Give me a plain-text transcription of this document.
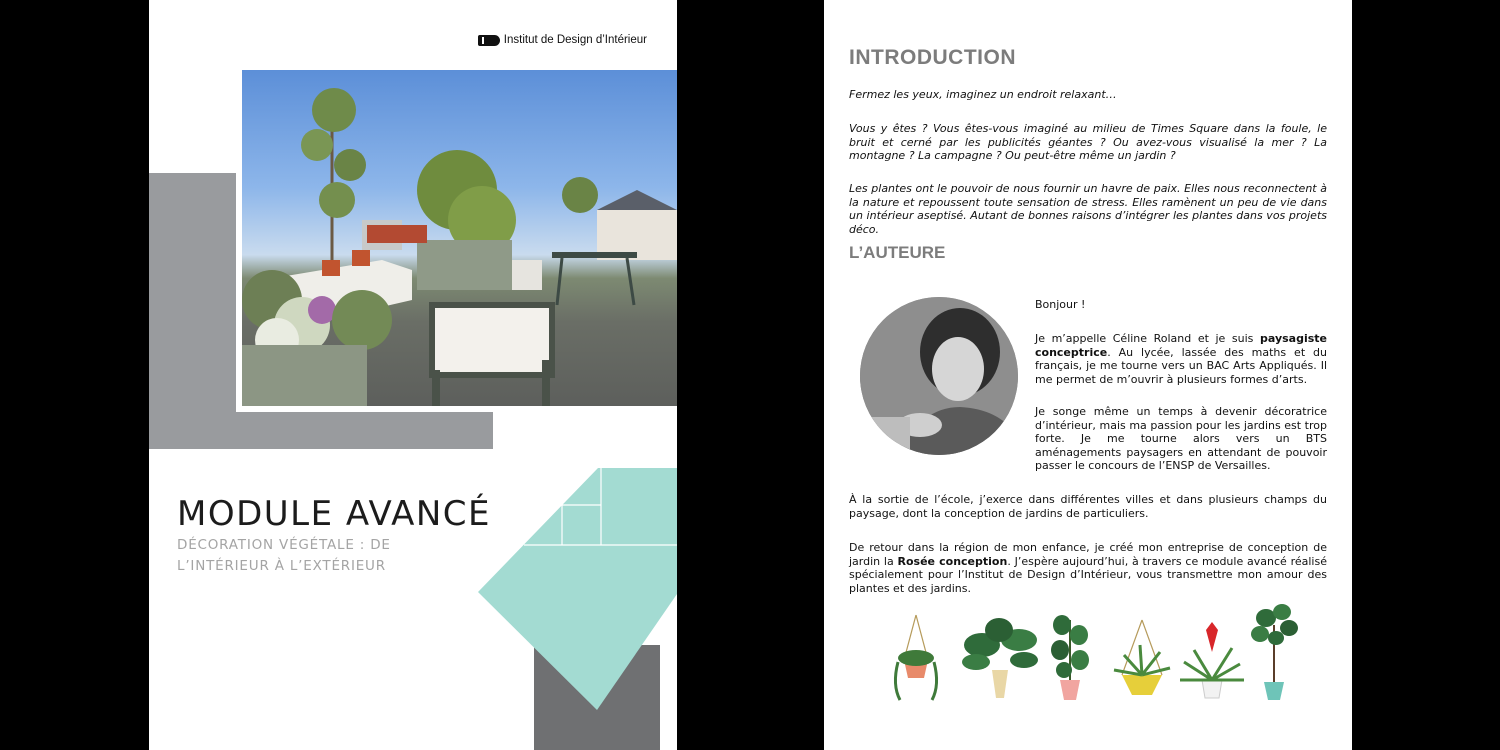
Institut de Design d’Intérieur
MODULE AVANCÉ
DÉCORATION VÉGÉTALE : DE L’INTÉRIEUR À L’EXTÉRIEUR
INTRODUCTION

Fermez les yeux, imaginez un endroit relaxant…

Vous y êtes ? Vous êtes-vous imaginé au milieu de Times Square dans la foule, le bruit et cerné par les publicités géantes ? Ou avez-vous visualisé la mer ? La montagne ? La campagne ? Ou peut-être même un jardin ?

Les plantes ont le pouvoir de nous fournir un havre de paix. Elles nous reconnectent à la nature et repoussent toute sensation de stress. Elles ramènent un peu de vie dans un intérieur aseptisé. Autant de bonnes raisons d’intégrer les plantes dans vos projets déco.

L’AUTEURE

Bonjour !

Je m’appelle Céline Roland et je suis paysagiste conceptrice. Au lycée, lassée des maths et du français, je me tourne vers un BAC Arts Appliqués. Il me permet de m’ouvrir à plusieurs formes d’arts.

Je songe même un temps à devenir décoratrice d’intérieur, mais ma passion pour les jardins est trop forte. Je me tourne alors vers un BTS aménagements paysagers en attendant de pouvoir passer le concours de l’ENSP de Versailles.

À la sortie de l’école, j’exerce dans différentes villes et dans plusieurs champs du paysage, dont la conception de jardins de particuliers.

De retour dans la région de mon enfance, je créé mon entreprise de conception de jardin la Rosée conception. J’espère aujourd’hui, à travers ce module avancé réalisé spécialement pour l’Institut de Design d’Intérieur, vous transmettre mon amour des plantes et des jardins.
